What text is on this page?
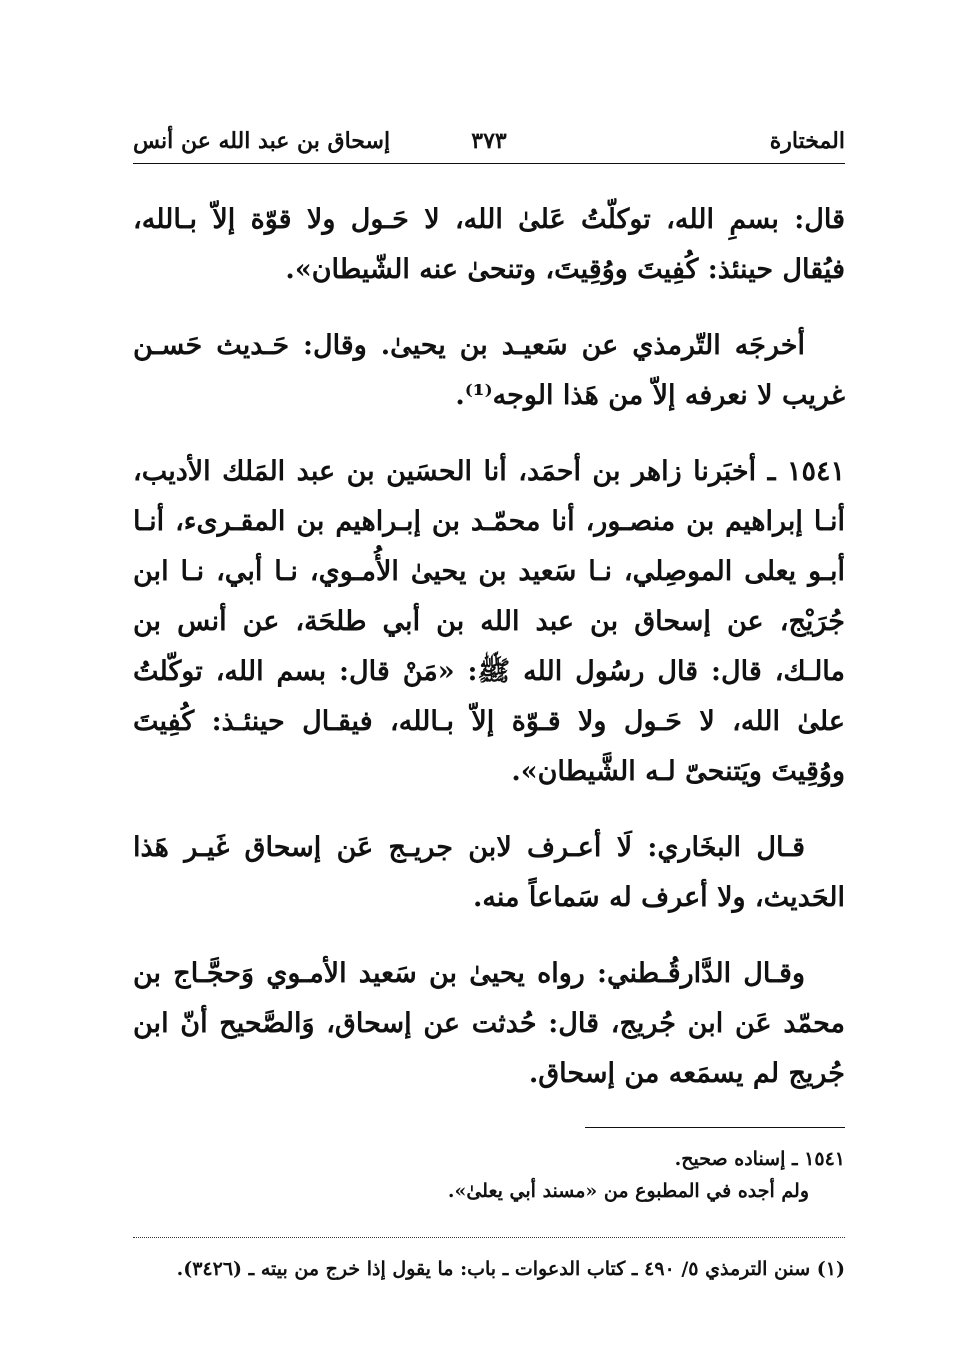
المختارة
٣٧٣
إسحاق بن عبد الله عن أنس

قال: بسمِ الله، توكلّتُ عَلىٰ الله، لا حَـول ولا قوّة إلاّ بـالله، فيُقال حينئذ: كُفِيتَ ووُقِيتَ، وتنحىٰ عنه الشّيطان».

أخرجَه التّرمذي عن سَعيـد بن يحيىٰ. وقال: حَـديث حَسـن غريب لا نعرفه إلاّ من هَذا الوجه⁽¹⁾.

١٥٤١ ـ أخبَرنا زاهر بن أحمَد، أنا الحسَين بن عبد المَلك الأديب، أنـا إبراهيم بن منصـور، أنا محمّـد بن إبـراهيم بن المقـرىء، أنـا أبـو يعلى الموصِلي، نـا سَعيد بن يحيىٰ الأُمـوي، نـا أبي، نـا ابن جُرَيْج، عن إسحاق بن عبد الله بن أبي طلحَة، عن أنس بن مالـك، قال: قال رسُول الله ﷺ: «مَنْ قال: بسم الله، توكّلتُ علىٰ الله، لا حَـول ولا قـوّة إلاّ بـالله، فيقـال حينئـذ: كُفِيتَ ووُقِيتَ ويَتنحىّ لـه الشَّيطان».

قـال البخَاري: لَا أعـرف لابن جريـج عَن إسحاق غَيـر هَذا الحَديث، ولا أعرف له سَماعاً منه.

وقـال الدَّارقُـطني: رواه يحيىٰ بن سَعيد الأمـوي وَحجَّـاج بن محمّد عَن ابن جُريج، قال: حُدثت عن إسحاق، وَالصَّحيح أنّ ابن جُريج لم يسمَعه من إسحاق.

١٥٤١ ـ إسناده صحيح.
ولم أجده في المطبوع من «مسند أبي يعلىٰ».
(١) سنن الترمذي ٥/ ٤٩٠ ـ كتاب الدعوات ـ باب: ما يقول إذا خرج من بيته ـ (٣٤٢٦).
